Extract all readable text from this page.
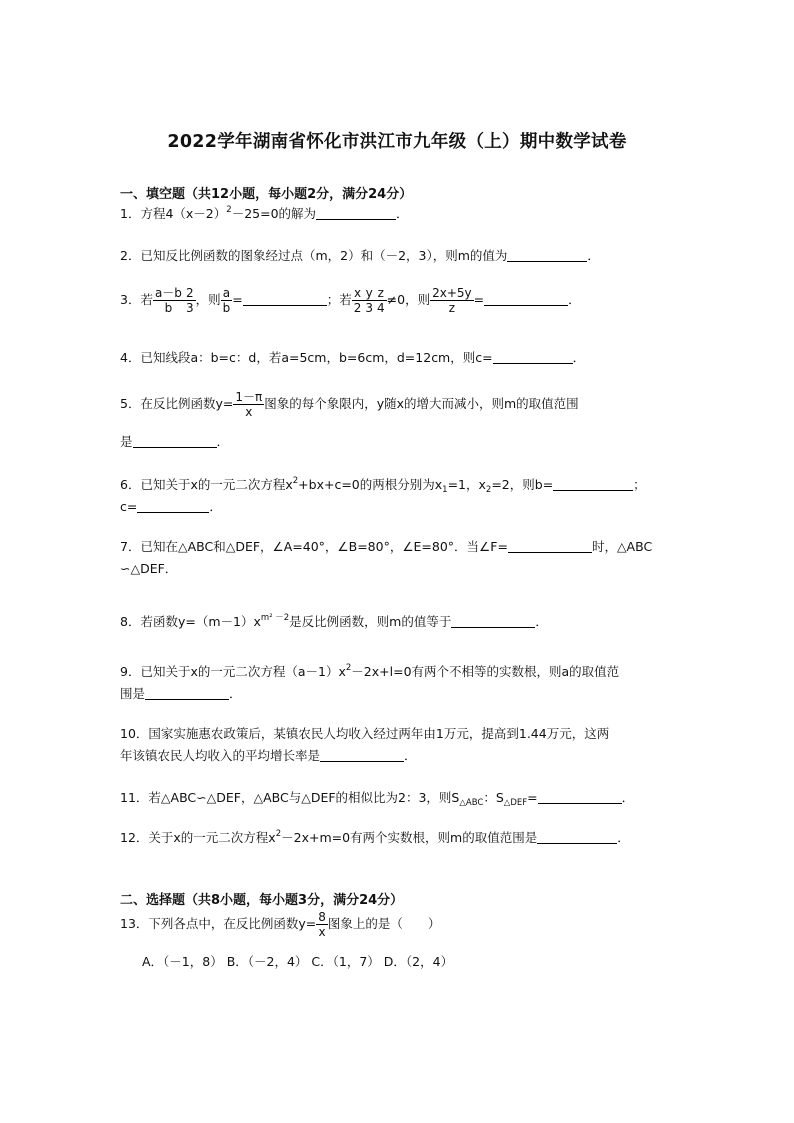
2022学年湖南省怀化市洪江市九年级（上）期中数学试卷
一、填空题（共12小题，每小题2分，满分24分）
1．方程$4(x-2)^2-25=0$的解为	．
2．已知反比例函数的图象经过点（m，2）和（－2，3），则m的值为	．
3．若 $\frac{a-b}{b} \frac{2}{3}$ ，则 $\frac{a}{b}$ =	；若 $\frac{x}{2} \frac{y}{3} \frac{z}{4} \ne 0$，则 $\frac{2x+5y}{z}$ =	．
4．已知线段a：b=c：d，若a=5cm，b=6cm，d=12cm，则c=	．
5．在反比例函数$y= \frac{1-\pi}{x}$ 图象的每个象限内，y随x的增大而减小，则m的取值范围
是	．
6．已知关于x的一元二次方程$x^2+bx+c=0$的两根分别为$x_1=1$，$x_2=2$，则b=	；
c=	．
7．已知在△ABC和△DEF，∠A=40°，∠B=80°，∠E=80°．当∠F=	时，△ABC
∽△DEF．
8．若函数$y=(m-1)x^{m^2 -2}$是反比例函数，则m的值等于	．
9．已知关于x的一元二次方程$(a-1)x^2-2x+l=0$有两个不相等的实数根，则a的取值范
围是	．
10．国家实施惠农政策后，某镇农民人均收入经过两年由1万元，提高到1.44万元，这两
年该镇农民人均收入的平均增长率是	．
11．若△ABC∽△DEF，△ABC与△DEF的相似比为2：3，则$S_{\triangle ABC}$：$S_{\triangle DEF}=$	．
12．关于x的一元二次方程$x^2-2x+m=0$有两个实数根，则m的取值范围是	．
二、选择题（共8小题，每小题3分，满分24分）
13．下列各点中，在反比例函数$y= \frac{8}{x}$ 图象上的是（　　）
A．（－1，8） B．（－2，4） C．（1，7） D．（2，4）
